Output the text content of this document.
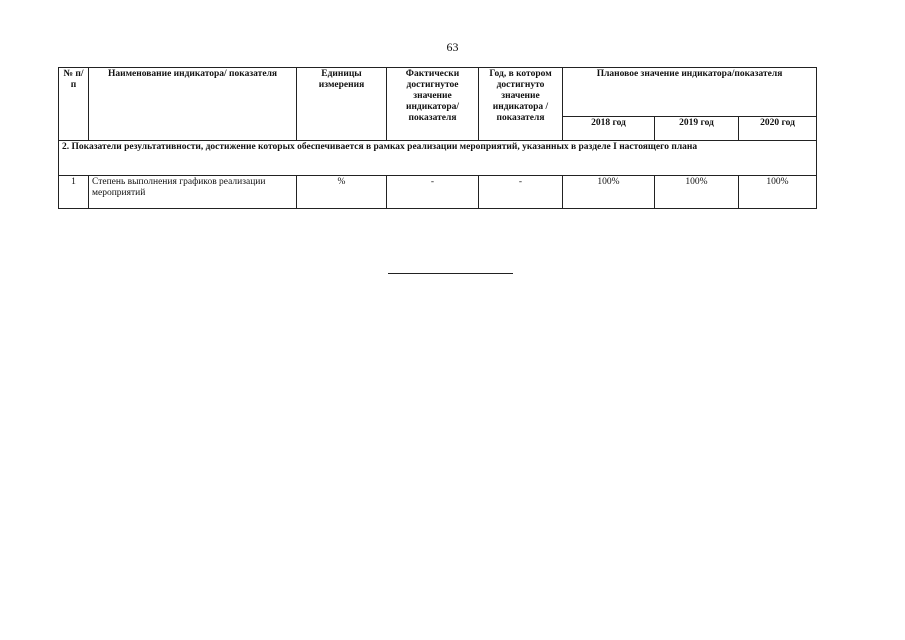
63
№ п/п	Наименование индикатора/ показателя	Единицы измерения	Фактически достигнутое значение индикатора/ показателя	Год, в котором достигнуто значение индикатора /показателя	Плановое значение индикатора/показателя		
					2018 год	2019 год	2020 год
2. Показатели результативности, достижение которых обеспечивается в рамках реализации мероприятий, указанных в разделе I настоящего плана							
1	Степень выполнения графиков реализации мероприятий	%	-	-	100%	100%	100%
